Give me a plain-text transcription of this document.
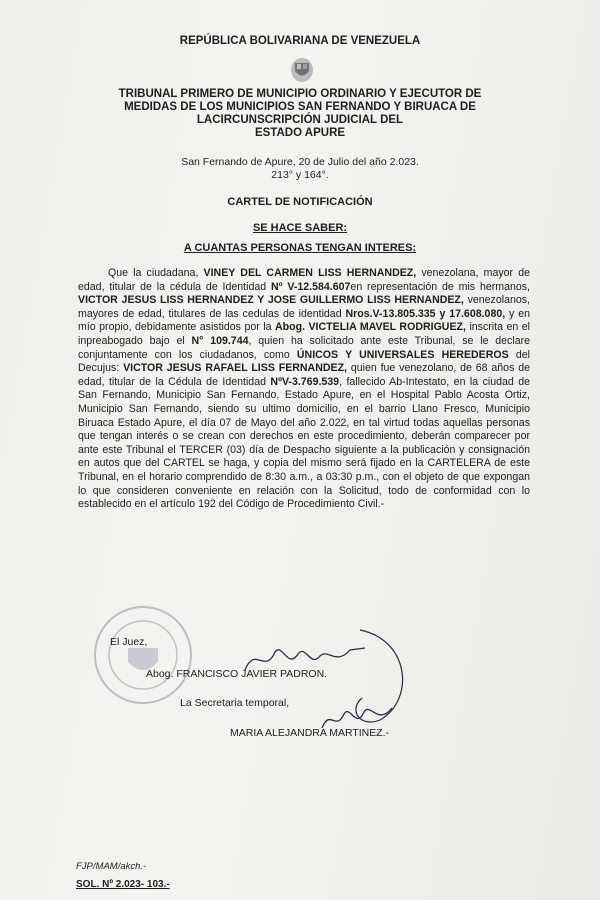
REPÚBLICA BOLIVARIANA DE VENEZUELA
TRIBUNAL PRIMERO DE MUNICIPIO ORDINARIO Y EJECUTOR DE
MEDIDAS DE LOS MUNICIPIOS SAN FERNANDO Y BIRUACA DE
LACIRCUNSCRIPCIÓN JUDICIAL DEL
ESTADO APURE
San Fernando de Apure, 20 de Julio del año 2.023.
213° y 164°.
CARTEL DE NOTIFICACIÓN
SE HACE SABER:
A CUANTAS PERSONAS TENGAN INTERES:

Que la ciudadana, VINEY DEL CARMEN LISS HERNANDEZ, venezolana, mayor de edad, titular de la cédula de Identidad Nº V-12.584.607en representación de mis hermanos, VICTOR JESUS LISS HERNANDEZ Y JOSE GUILLERMO LISS HERNANDEZ, venezolanos, mayores de edad, titulares de las cedulas de identidad Nros.V-13.805.335 y 17.608.080, y en mío propio, debidamente asistidos por la Abog. VICTELIA MAVEL RODRIGUEZ, inscrita en el inpreabogado bajo el N° 109.744, quien ha solicitado ante este Tribunal, se le declare conjuntamente con los ciudadanos, como ÚNICOS Y UNIVERSALES HEREDEROS del Decujus: VICTOR JESUS RAFAEL LISS FERNANDEZ, quien fue venezolano, de 68 años de edad, titular de la Cédula de Identidad NºV-3.769.539, fallecido Ab-Intestato, en la ciudad de San Fernando, Municipio San Fernando, Estado Apure, en el Hospital Pablo Acosta Ortiz, Municipio San Fernando, siendo su ultimo domicilio, en el barrio Llano Fresco, Municipio Biruaca Estado Apure, el día 07 de Mayo del año 2.022, en tal virtud todas aquellas personas que tengan interés o se crean con derechos en este procedimiento, deberán comparecer por ante este Tribunal el TERCER (03) día de Despacho siguiente a la publicación y consignación en autos que del CARTEL se haga, y copia del mismo será fijado en la CARTELERA de este Tribunal, en el horario comprendido de 8:30 a.m., a 03:30 p.m., con el objeto de que expongan lo que consideren conveniente en relación con la Solicitud, todo de conformidad con lo establecido en el artículo 192 del Código de Procedimiento Civil.-

El Juez,
Abog. FRANCISCO JAVIER PADRON.
La Secretaria temporal,
MARIA ALEJANDRA MARTINEZ.-
FJP/MAM/akch.-
SOL. Nº 2.023- 103.-
